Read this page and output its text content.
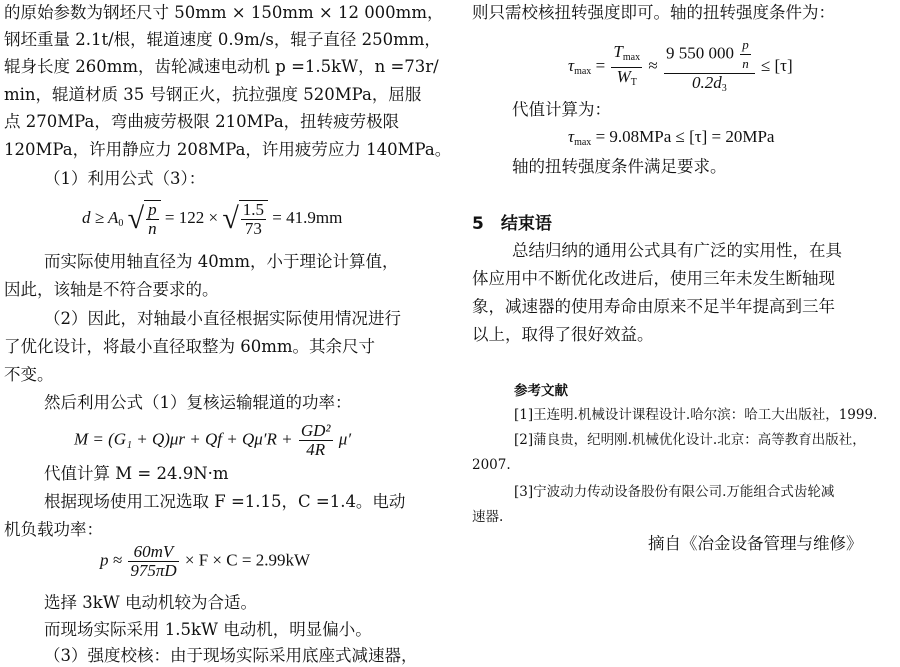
的原始参数为钢坯尺寸 50mm × 150mm × 12 000mm，
钢坯重量 2.1t/根，辊道速度 0.9m/s，辊子直径 250mm，
辊身长度 260mm，齿轮减速电动机 p =1.5kW，n =73r/
min，辊道材质 35 号钢正火，抗拉强度 520MPa，屈服
点 270MPa，弯曲疲劳极限 210MPa，扭转疲劳极限
120MPa，许用静应力 208MPa，许用疲劳应力 140MPa。
（1）利用公式（3）：
$d \ge A_0$ √ $\frac{p}{n} = 122$ × √ $\frac{1.5}{73} = 41.9mm$
而实际使用轴直径为 40mm，小于理论计算值，
因此，该轴是不符合要求的。
（2）因此，对轴最小直径根据实际使用情况进行
了优化设计，将最小直径取整为 60mm。其余尺寸
不变。
然后利用公式（1）复核运输辊道的功率：
$M = (G_1 + Q)\mu r + Qf + Q\mu'R + \frac{\text{GD²}}{4R} \mu'$
代值计算 M = 24.9N·m
根据现场使用工况选取 F =1.15，C =1.4。电动
机负载功率：
$p \approx \frac{60mV}{975\pi D} \times F \times C = 2.99kW$
选择 3kW 电动机较为合适。
而现场实际采用 1.5kW 电动机，明显偏小。
（3）强度校核：由于现场实际采用底座式减速器，
则只需校核扭转强度即可。轴的扭转强度条件为：
$\tau_{max} = \frac{T_{max}}{W_T} \approx \frac{9 550 000 \frac{p}{n}}{0.2d_3} \le [\tau]$
代值计算为：
$\tau_{max} = 9.08MPa \le [\tau] = 20MPa$
轴的扭转强度条件满足要求。
5　结束语
总结归纳的通用公式具有广泛的实用性，在具
体应用中不断优化改进后，使用三年未发生断轴现
象，减速器的使用寿命由原来不足半年提高到三年
以上，取得了很好效益。
参考文献
[1]王连明.机械设计课程设计.哈尔滨：哈工大出版社，1999.
[2]蒲良贵，纪明刚.机械优化设计.北京：高等教育出版社，
2007.
[3]宁波动力传动设备股份有限公司.万能组合式齿轮减
速器.
摘自《冶金设备管理与维修》
